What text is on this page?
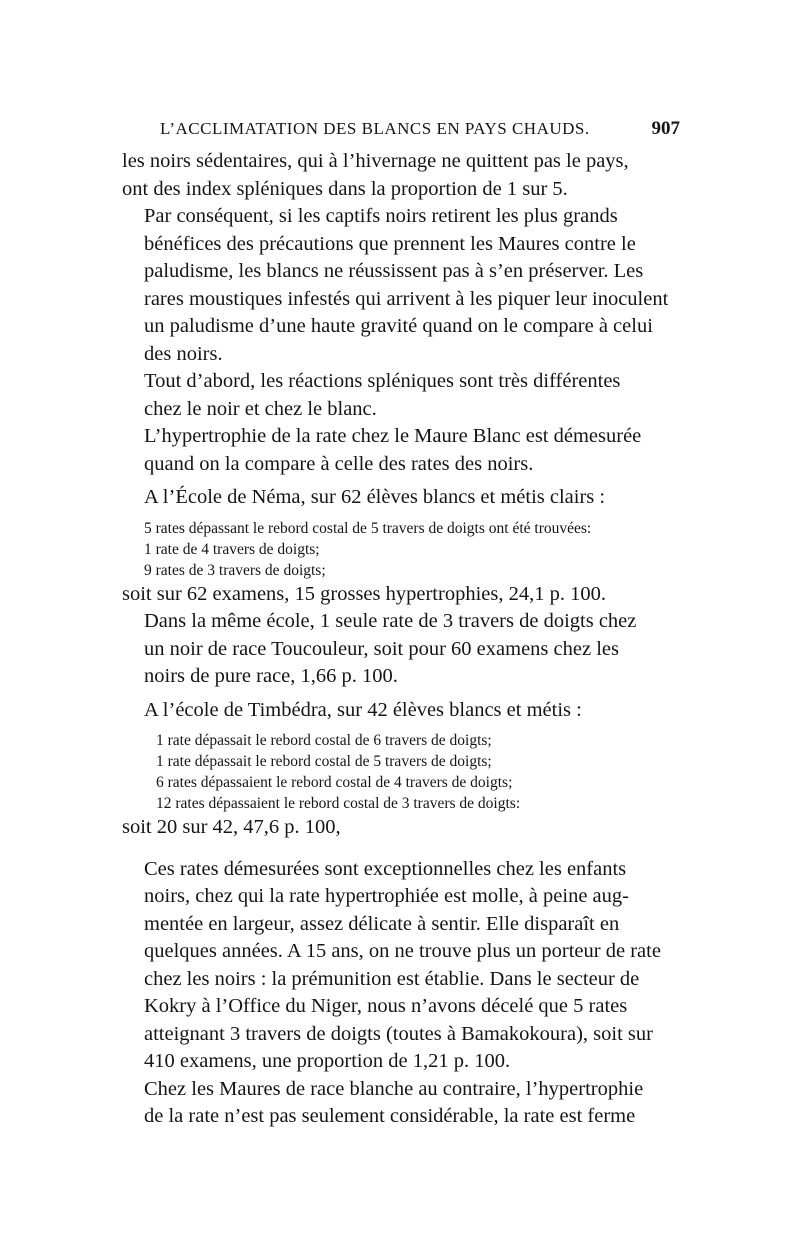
L’ACCLIMATATION DES BLANCS EN PAYS CHAUDS.	907
les noirs sédentaires, qui à l’hivernage ne quittent pas le pays,
ont des index spléniques dans la proportion de 1 sur 5.
Par conséquent, si les captifs noirs retirent les plus grands
bénéfices des précautions que prennent les Maures contre le
paludisme, les blancs ne réussissent pas à s’en préserver. Les
rares moustiques infestés qui arrivent à les piquer leur inoculent
un paludisme d’une haute gravité quand on le compare à celui
des noirs.
Tout d’abord, les réactions spléniques sont très différentes
chez le noir et chez le blanc.
L’hypertrophie de la rate chez le Maure Blanc est démesurée
quand on la compare à celle des rates des noirs.
A l’École de Néma, sur 62 élèves blancs et métis clairs :
5 rates dépassant le rebord costal de 5 travers de doigts ont été trouvées:
1 rate de 4 travers de doigts;
9 rates de 3 travers de doigts;
soit sur 62 examens, 15 grosses hypertrophies, 24,1 p. 100.
Dans la même école, 1 seule rate de 3 travers de doigts chez
un noir de race Toucouleur, soit pour 60 examens chez les
noirs de pure race, 1,66 p. 100.
A l’école de Timbédra, sur 42 élèves blancs et métis :
1 rate dépassait le rebord costal de 6 travers de doigts;
1 rate dépassait le rebord costal de 5 travers de doigts;
6 rates dépassaient le rebord costal de 4 travers de doigts;
12 rates dépassaient le rebord costal de 3 travers de doigts:
soit 20 sur 42, 47,6 p. 100,
Ces rates démesurées sont exceptionnelles chez les enfants
noirs, chez qui la rate hypertrophiée est molle, à peine aug-
mentée en largeur, assez délicate à sentir. Elle disparaît en
quelques années. A 15 ans, on ne trouve plus un porteur de rate
chez les noirs : la prémunition est établie. Dans le secteur de
Kokry à l’Office du Niger, nous n’avons décelé que 5 rates
atteignant 3 travers de doigts (toutes à Bamakokoura), soit sur
410 examens, une proportion de 1,21 p. 100.
Chez les Maures de race blanche au contraire, l’hypertrophie
de la rate n’est pas seulement considérable, la rate est ferme
